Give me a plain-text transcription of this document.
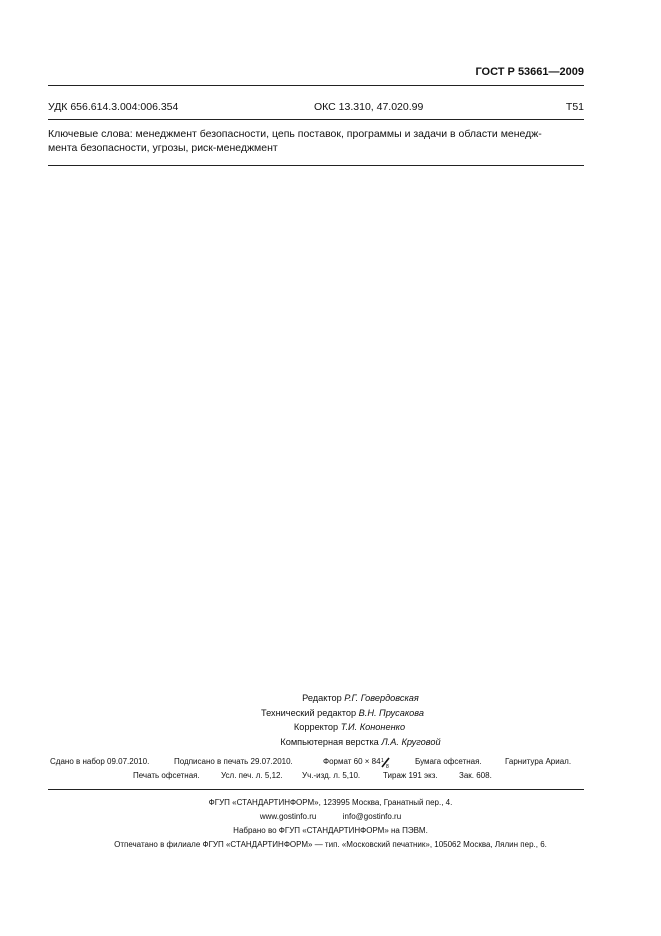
ГОСТ Р 53661—2009
УДК 656.614.3.004:006.354	ОКС 13.310, 47.020.99	Т51
Ключевые слова: менеджмент безопасности, цепь поставок, программы и задачи в области менедж-
мента безопасности, угрозы, риск-менеджмент
Редактор Р.Г. Говердовская
Технический редактор В.Н. Прусакова
Корректор Т.И. Кононенко
Компьютерная верстка Л.А. Круговой
Сдано в набор 09.07.2010.	Подписано в печать 29.07.2010.	Формат 60 × 84 1
8
Бумага офсетная.	Гарнитура Ариал.
Печать офсетная.	Усл. печ. л. 5,12. Уч.-изд. л. 5,10.	Тираж 191 экз.	Зак. 608.
ФГУП «СТАНДАРТИНФОРМ», 123995 Москва, Гранатный пер., 4.
www.gostinfo.ru	info@gostinfo.ru
Набрано во ФГУП «СТАНДАРТИНФОРМ» на ПЭВМ.
Отпечатано в филиале ФГУП «СТАНДАРТИНФОРМ» — тип. «Московский печатник», 105062 Москва, Лялин пер., 6.
